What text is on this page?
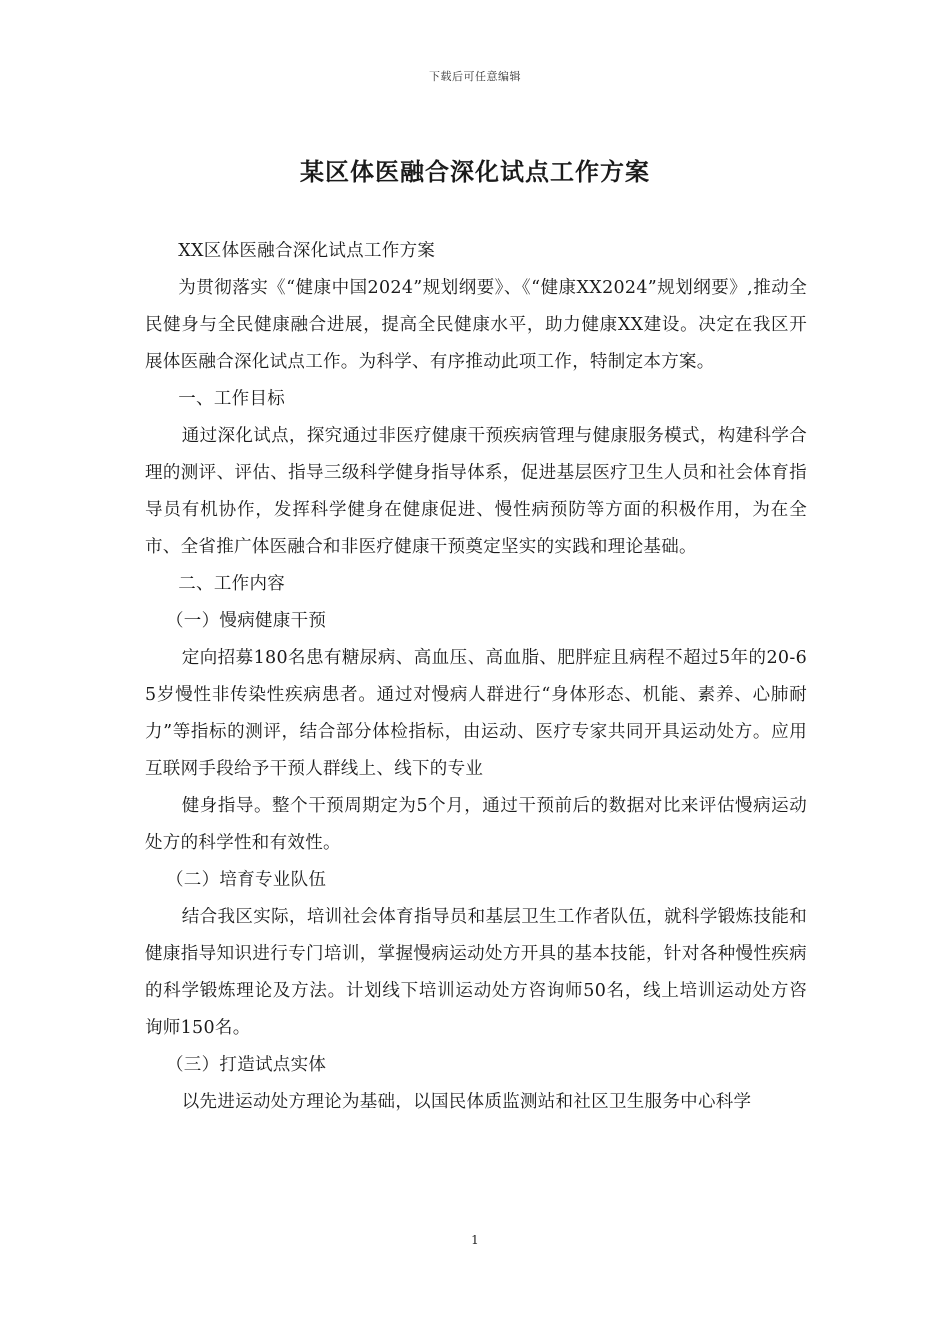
下载后可任意编辑
某区体医融合深化试点工作方案

XX区体医融合深化试点工作方案

为贯彻落实《“健康中国2024”规划纲要》、《“健康XX2024”规划纲要》,推动全民健身与全民健康融合进展，提高全民健康水平，助力健康XX建设。决定在我区开展体医融合深化试点工作。为科学、有序推动此项工作，特制定本方案。

一、工作目标

通过深化试点，探究通过非医疗健康干预疾病管理与健康服务模式，构建科学合理的测评、评估、指导三级科学健身指导体系，促进基层医疗卫生人员和社会体育指导员有机协作，发挥科学健身在健康促进、慢性病预防等方面的积极作用，为在全市、全省推广体医融合和非医疗健康干预奠定坚实的实践和理论基础。

二、工作内容

（一）慢病健康干预

定向招募180名患有糖尿病、高血压、高血脂、肥胖症且病程不超过5年的20-65岁慢性非传染性疾病患者。通过对慢病人群进行“身体形态、机能、素养、心肺耐力”等指标的测评，结合部分体检指标，由运动、医疗专家共同开具运动处方。应用互联网手段给予干预人群线上、线下的专业

健身指导。整个干预周期定为5个月，通过干预前后的数据对比来评估慢病运动处方的科学性和有效性。

（二）培育专业队伍

结合我区实际，培训社会体育指导员和基层卫生工作者队伍，就科学锻炼技能和健康指导知识进行专门培训，掌握慢病运动处方开具的基本技能，针对各种慢性疾病的科学锻炼理论及方法。计划线下培训运动处方咨询师50名，线上培训运动处方咨询师150名。

（三）打造试点实体

以先进运动处方理论为基础，以国民体质监测站和社区卫生服务中心科学

1
